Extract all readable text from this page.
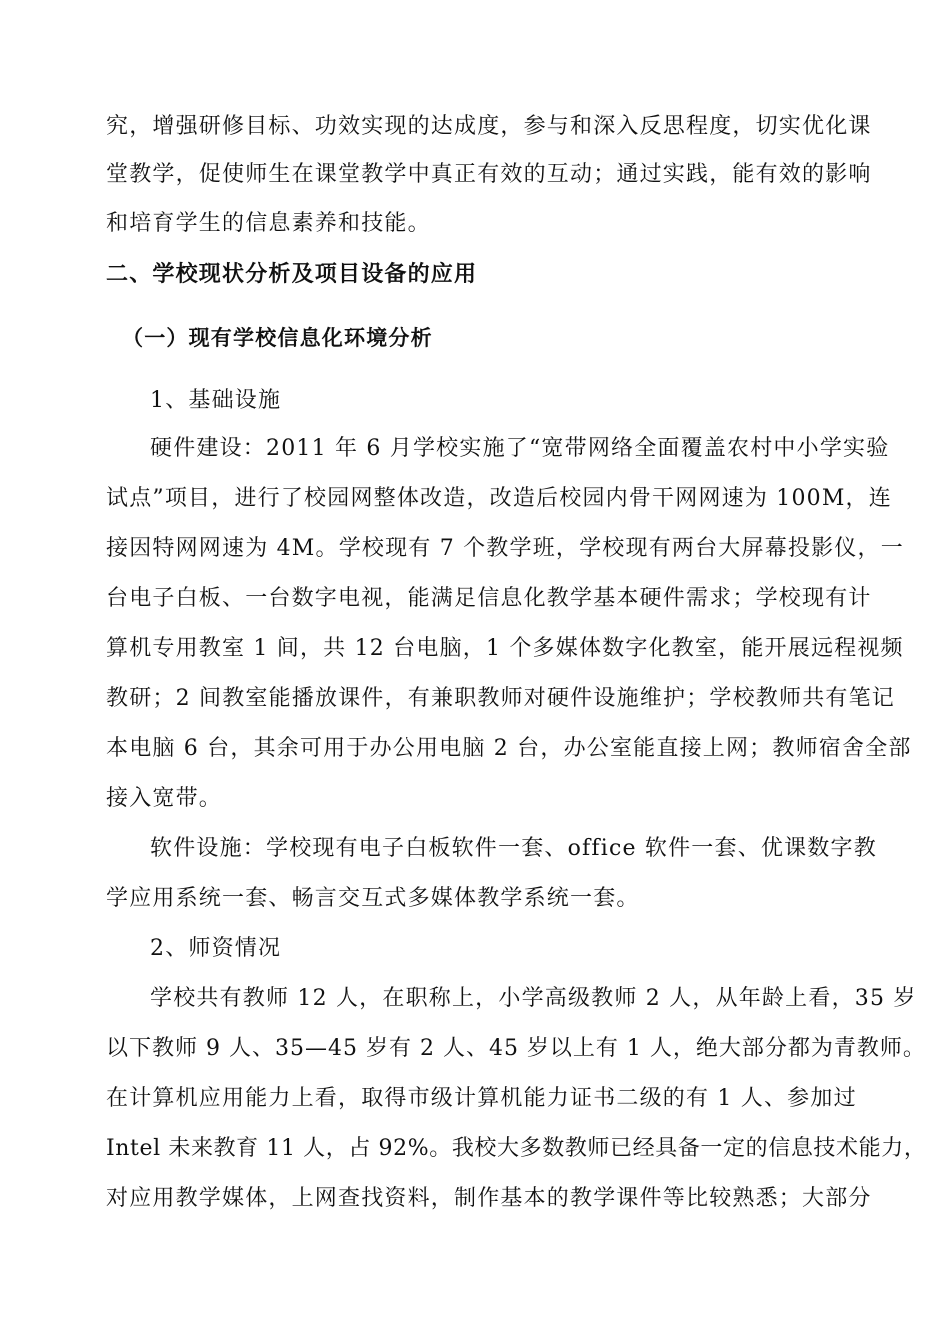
究，增强研修目标、功效实现的达成度，参与和深入反思程度，切实优化课

堂教学，促使师生在课堂教学中真正有效的互动；通过实践，能有效的影响

和培育学生的信息素养和技能。

二、学校现状分析及项目设备的应用

（一）现有学校信息化环境分析

1、基础设施

硬件建设：2011 年 6 月学校实施了“宽带网络全面覆盖农村中小学实验

试点”项目，进行了校园网整体改造，改造后校园内骨干网网速为 100M，连

接因特网网速为 4M。学校现有 7 个教学班，学校现有两台大屏幕投影仪，一

台电子白板、一台数字电视，能满足信息化教学基本硬件需求；学校现有计

算机专用教室 1 间，共 12 台电脑，1 个多媒体数字化教室，能开展远程视频

教研；2 间教室能播放课件，有兼职教师对硬件设施维护；学校教师共有笔记

本电脑 6 台，其余可用于办公用电脑 2 台，办公室能直接上网；教师宿舍全部

接入宽带。

软件设施：学校现有电子白板软件一套、office 软件一套、优课数字教

学应用系统一套、畅言交互式多媒体教学系统一套。

2、师资情况

学校共有教师 12 人，在职称上，小学高级教师 2 人，从年龄上看，35 岁

以下教师 9 人、35—45 岁有 2 人、45 岁以上有 1 人，绝大部分都为青教师。

在计算机应用能力上看，取得市级计算机能力证书二级的有 1 人、参加过

Intel 未来教育 11 人，占 92%。我校大多数教师已经具备一定的信息技术能力，

对应用教学媒体，上网查找资料，制作基本的教学课件等比较熟悉；大部分
